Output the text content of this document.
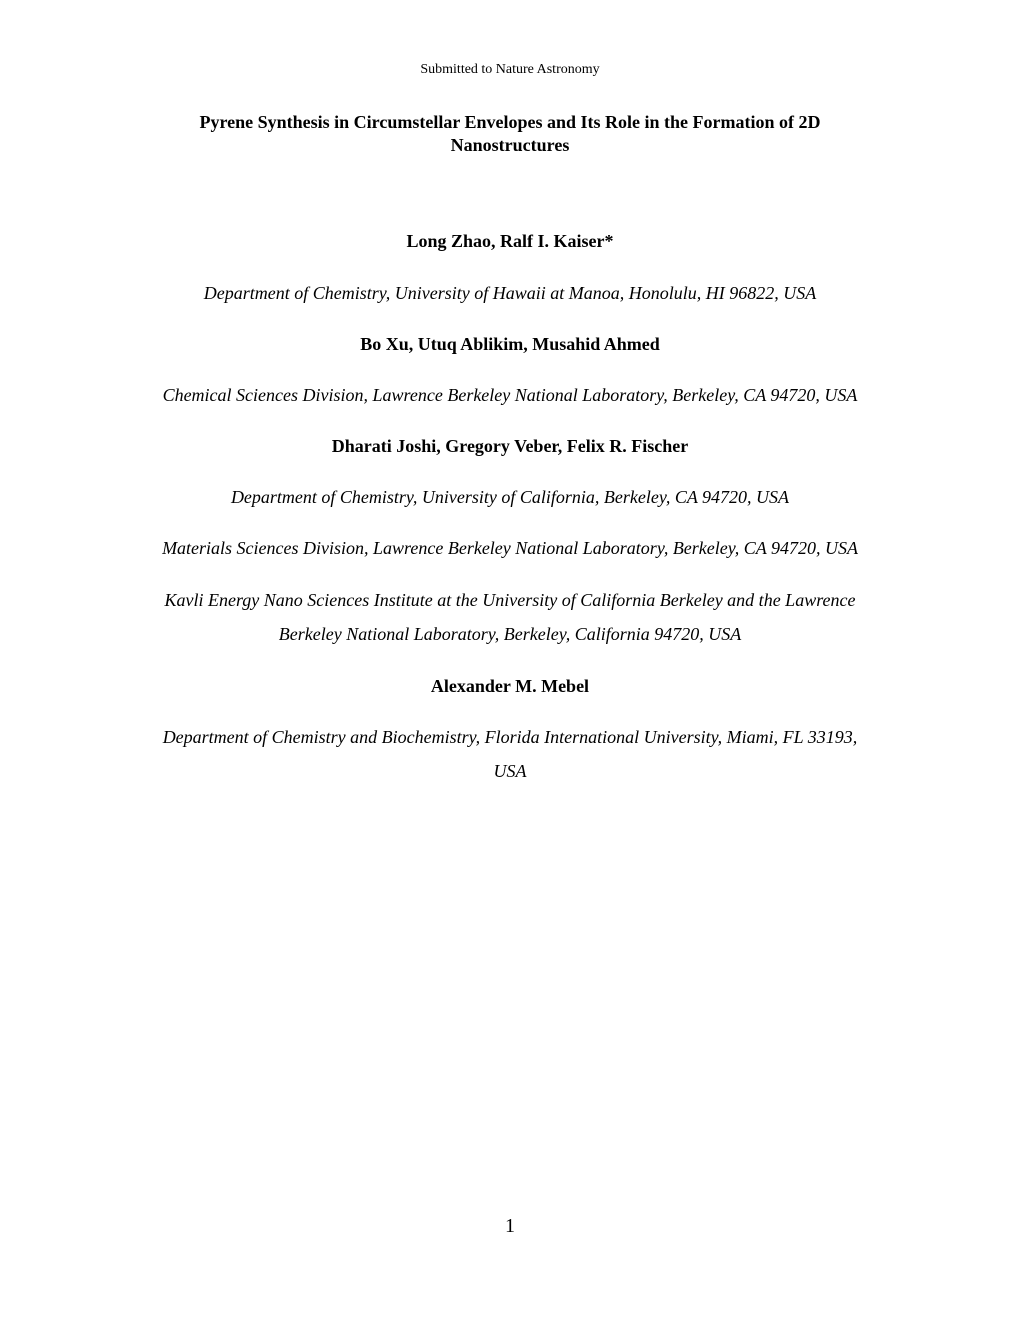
Submitted to Nature Astronomy
Pyrene Synthesis in Circumstellar Envelopes and Its Role in the Formation of 2D
Nanostructures
Long Zhao, Ralf I. Kaiser*
Department of Chemistry, University of Hawaii at Manoa, Honolulu, HI 96822, USA
Bo Xu, Utuq Ablikim, Musahid Ahmed
Chemical Sciences Division, Lawrence Berkeley National Laboratory, Berkeley, CA 94720, USA
Dharati Joshi, Gregory Veber, Felix R. Fischer
Department of Chemistry, University of California, Berkeley, CA 94720, USA
Materials Sciences Division, Lawrence Berkeley National Laboratory, Berkeley, CA 94720, USA
Kavli Energy Nano Sciences Institute at the University of California Berkeley and the Lawrence
Berkeley National Laboratory, Berkeley, California 94720, USA
Alexander M. Mebel
Department of Chemistry and Biochemistry, Florida International University, Miami, FL 33193,
USA
1
